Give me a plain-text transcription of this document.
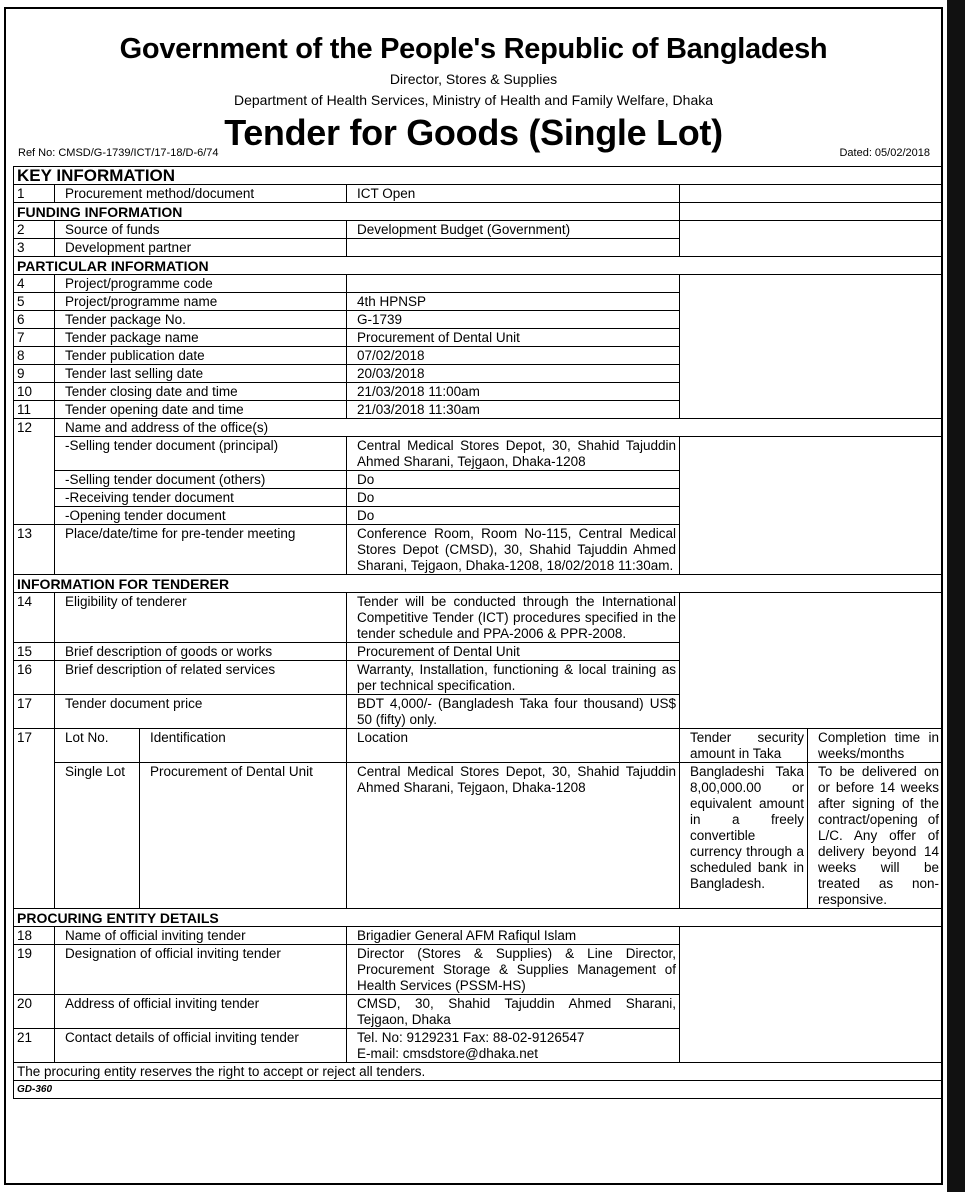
Government of the People's Republic of Bangladesh
Director, Stores & Supplies
Department of Health Services, Ministry of Health and Family Welfare, Dhaka
Tender for Goods (Single Lot)
Ref No: CMSD/G-1739/ICT/17-18/D-6/74	Dated: 05/02/2018
KEY INFORMATION					
1	Procurement method/document		ICT Open		
FUNDING INFORMATION					
2	Source of funds		Development Budget (Government)		
3	Development partner				
PARTICULAR INFORMATION					
4	Project/programme code				
5	Project/programme name		4th HPNSP		
6	Tender package No.		G-1739		
7	Tender package name		Procurement of Dental Unit		
8	Tender publication date		07/02/2018		
9	Tender last selling date		20/03/2018		
10	Tender closing date and time		21/03/2018 11:00am		
11	Tender opening date and time		21/03/2018 11:30am		
12	Name and address of the office(s)				
	-Selling tender document (principal)		Central Medical Stores Depot, 30, Shahid Tajuddin Ahmed Sharani, Tejgaon, Dhaka-1208		
	-Selling tender document (others)		Do		
	-Receiving tender document		Do		
	-Opening tender document		Do		
13	Place/date/time for pre-tender meeting		Conference Room, Room No-115, Central Medical Stores Depot (CMSD), 30, Shahid Tajuddin Ahmed Sharani, Tejgaon, Dhaka-1208, 18/02/2018 11:30am.		
INFORMATION FOR TENDERER					
14	Eligibility of tenderer		Tender will be conducted through the International Competitive Tender (ICT) procedures specified in the tender schedule and PPA-2006 & PPR-2008.		
15	Brief description of goods or works		Procurement of Dental Unit		
16	Brief description of related services		Warranty, Installation, functioning & local training as per technical specification.		
17	Tender document price		BDT 4,000/- (Bangladesh Taka four thousand) US$ 50 (fifty) only.		
17	Lot No.	Identification	Location	Tender security amount in Taka	Completion time in weeks/months
	Single Lot	Procurement of Dental Unit	Central Medical Stores Depot, 30, Shahid Tajuddin Ahmed Sharani, Tejgaon, Dhaka-1208	Bangladeshi Taka 8,00,000.00 or equivalent amount in a freely convertible currency through a scheduled bank in Bangladesh.	To be delivered on or before 14 weeks after signing of the contract/opening of L/C. Any offer of delivery beyond 14 weeks will be treated as non-responsive.
PROCURING ENTITY DETAILS					
18	Name of official inviting tender		Brigadier General AFM Rafiqul Islam		
19	Designation of official inviting tender		Director (Stores & Supplies) & Line Director, Procurement Storage & Supplies Management of Health Services (PSSM-HS)		
20	Address of official inviting tender		CMSD, 30, Shahid Tajuddin Ahmed Sharani, Tejgaon, Dhaka		
21	Contact details of official inviting tender		Tel. No: 9129231 Fax: 88-02-9126547
E-mail: cmsdstore@dhaka.net		

The procuring entity reserves the right to accept or reject all tenders.					
GD-360					
